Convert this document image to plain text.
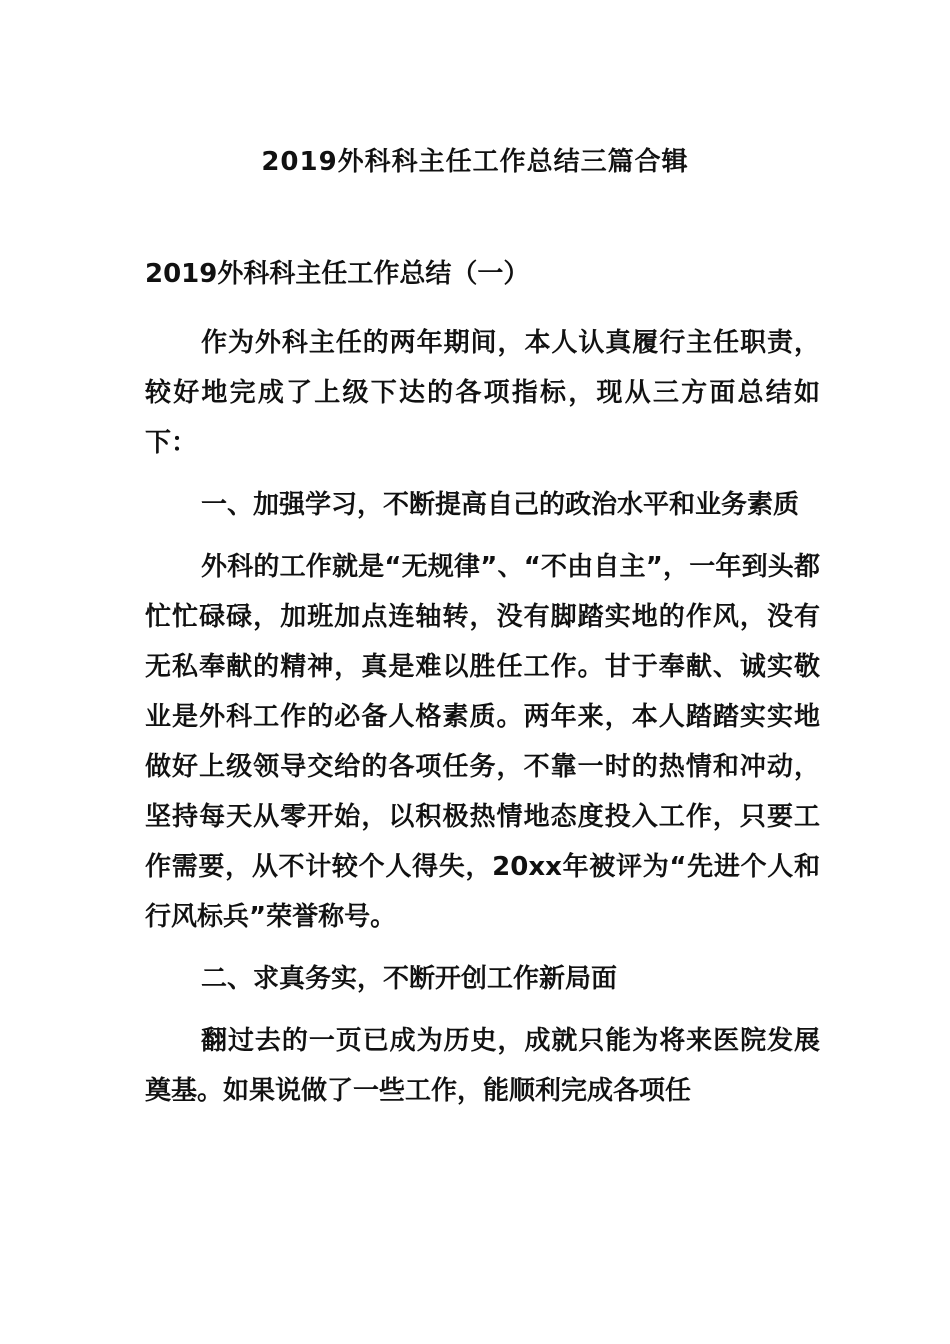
2019外科科主任工作总结三篇合辑
2019外科科主任工作总结（一）

作为外科主任的两年期间，本人认真履行主任职责，较好地完成了上级下达的各项指标，现从三方面总结如下：

一、加强学习，不断提高自己的政治水平和业务素质

外科的工作就是“无规律”、“不由自主”，一年到头都忙忙碌碌，加班加点连轴转，没有脚踏实地的作风，没有无私奉献的精神，真是难以胜任工作。甘于奉献、诚实敬业是外科工作的必备人格素质。两年来，本人踏踏实实地做好上级领导交给的各项任务，不靠一时的热情和冲动，坚持每天从零开始，以积极热情地态度投入工作，只要工作需要，从不计较个人得失，20xx年被评为“先进个人和行风标兵”荣誉称号。

二、求真务实，不断开创工作新局面

翻过去的一页已成为历史，成就只能为将来医院发展奠基。如果说做了一些工作，能顺利完成各项任
